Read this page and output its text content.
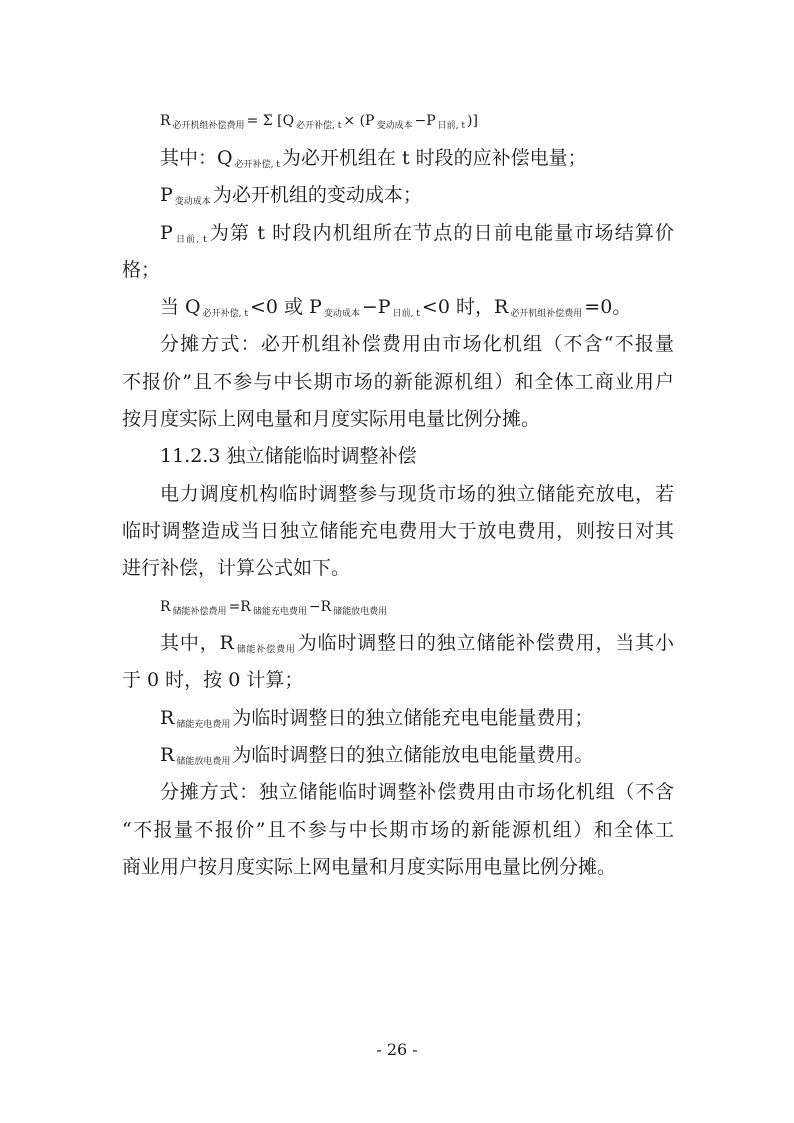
R $_{必开机组补偿费用}$ = Σ [Q $_{必开补偿, t}$ × (P $_{变动成本}$ −P $_{日前, t}$ )]
其中：Q 必开补偿, t 为必开机组在 t 时段的应补偿电量；
P变动成本 为必开机组的变动成本；
P日前, t 为第 t 时段内机组所在节点的日前电能量市场结算价
格；
当 Q 必开补偿, t <0 或 P 变动成本 −P 日前, t <0 时，R 必开机组补偿费用 =0。
分摊方式：必开机组补偿费用由市场化机组（不含“不报量
不报价”且不参与中长期市场的新能源机组）和全体工商业用户
按月度实际上网电量和月度实际用电量比例分摊。
11.2.3 独立储能临时调整补偿
电力调度机构临时调整参与现货市场的独立储能充放电，若
临时调整造成当日独立储能充电费用大于放电费用，则按日对其
进行补偿，计算公式如下。
R $_{储能补偿费用}$ =R $_{储能充电费用}$ −R $_{储能放电费用}$
其中，R 储能补偿费用 为临时调整日的独立储能补偿费用，当其小
于 0 时，按 0 计算；
R储能充电费用 为临时调整日的独立储能充电电能量费用；
R储能放电费用 为临时调整日的独立储能放电电能量费用。
分摊方式：独立储能临时调整补偿费用由市场化机组（不含
“不报量不报价”且不参与中长期市场的新能源机组）和全体工
商业用户按月度实际上网电量和月度实际用电量比例分摊。
- 26 -
